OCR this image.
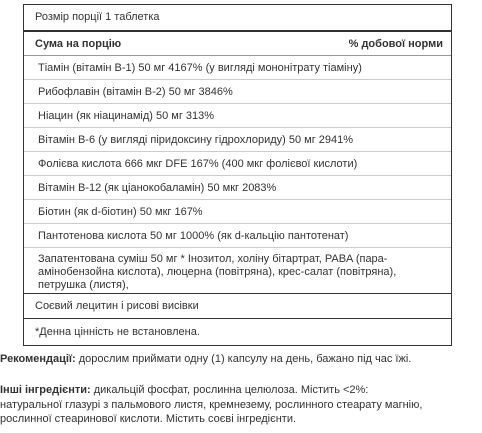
Розмір порції 1 таблетка
Сума на порцію	% добової норми
Тіамін (вітамін В-1) 50 мг 4167% (у вигляді мононітрату тіаміну)
Рибофлавін (вітамін В-2) 50 мг 3846%
Ніацин (як ніацинамід) 50 мг 313%
Вітамін B-6 (у вигляді піридоксину гідрохлориду) 50 мг 2941%
Фолієва кислота 666 мкг DFE 167% (400 мкг фолієвої кислоти)
Вітамін B-12 (як ціанокобаламін) 50 мкг 2083%
Біотин (як d-біотин) 50 мкг 167%
Пантотенова кислота 50 мг 1000% (як d-кальцію пантотенат)
Запатентована суміш 50 мг * Інозитол, холіну бітартрат, PABA (пара-
амінобензойна кислота), люцерна (повітряна), крес-салат (повітряна),
петрушка (листя),
Соєвий лецитин і рисові висівки
*Денна цінність не встановлена.
Рекомендації: дорослим приймати одну (1) капсулу на день, бажано під час їжі.
Інші інгредієнти: дикальцій фосфат, рослинна целюлоза. Містить <2%:
натуральної глазурі з пальмового листя, кремнезему, рослинного стеарату магнію,
рослинної стеаринової кислоти. Містить соєві інгредієнти.
